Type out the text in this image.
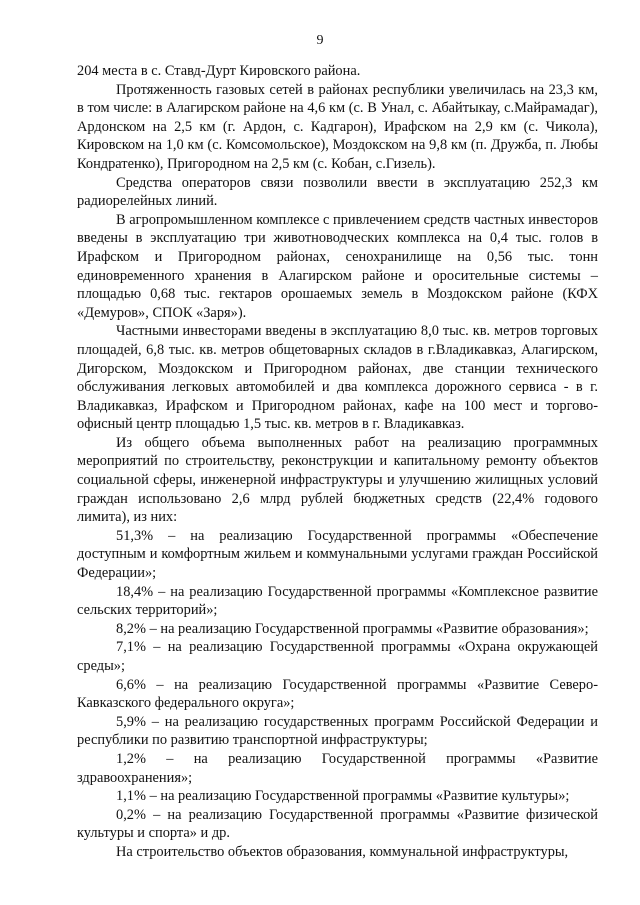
9

204 места в с. Ставд-Дурт Кировского района.

Протяженность газовых сетей в районах республики увеличилась на 23,3 км, в том числе: в Алагирском районе на 4,6 км (с. В Унал, с. Абайтыкау, с.Майрамадаг), Ардонском на 2,5 км (г. Ардон, с. Кадгарон), Ирафском на 2,9 км (с. Чикола), Кировском на 1,0 км (с. Комсомольское), Моздокском на 9,8 км (п. Дружба, п. Любы Кондратенко), Пригородном на 2,5 км (с. Кобан, с.Гизель).

Средства операторов связи позволили ввести в эксплуатацию 252,3 км радиорелейных линий.

В агропромышленном комплексе с привлечением средств частных инвесторов введены в эксплуатацию три животноводческих комплекса на 0,4 тыс. голов в Ирафском и Пригородном районах, сенохранилище на 0,56 тыс. тонн единовременного хранения в Алагирском районе и оросительные системы – площадью 0,68 тыс. гектаров орошаемых земель в Моздокском районе (КФХ «Демуров», СПОК «Заря»).

Частными инвесторами введены в эксплуатацию 8,0 тыс. кв. метров торговых площадей, 6,8 тыс. кв. метров общетоварных складов в г.Владикавказ, Алагирском, Дигорском, Моздокском и Пригородном районах, две станции технического обслуживания легковых автомобилей и два комплекса дорожного сервиса - в г. Владикавказ, Ирафском и Пригородном районах, кафе на 100 мест и торгово-офисный центр площадью 1,5 тыс. кв. метров в г. Владикавказ.

Из общего объема выполненных работ на реализацию программных мероприятий по строительству, реконструкции и капитальному ремонту объектов социальной сферы, инженерной инфраструктуры и улучшению жилищных условий граждан использовано 2,6 млрд рублей бюджетных средств (22,4% годового лимита), из них:

51,3% – на реализацию Государственной программы «Обеспечение доступным и комфортным жильем и коммунальными услугами граждан Российской Федерации»;

18,4% – на реализацию Государственной программы «Комплексное развитие сельских территорий»;

8,2% – на реализацию Государственной программы «Развитие образования»;

7,1% – на реализацию Государственной программы «Охрана окружающей среды»;

6,6% – на реализацию Государственной программы «Развитие Северо-Кавказского федерального округа»;

5,9% – на реализацию государственных программ Российской Федерации и республики по развитию транспортной инфраструктуры;

1,2% – на реализацию Государственной программы «Развитие здравоохранения»;

1,1% – на реализацию Государственной программы «Развитие культуры»;

0,2% – на реализацию Государственной программы «Развитие физической культуры и спорта» и др.

На строительство объектов образования, коммунальной инфраструктуры,
